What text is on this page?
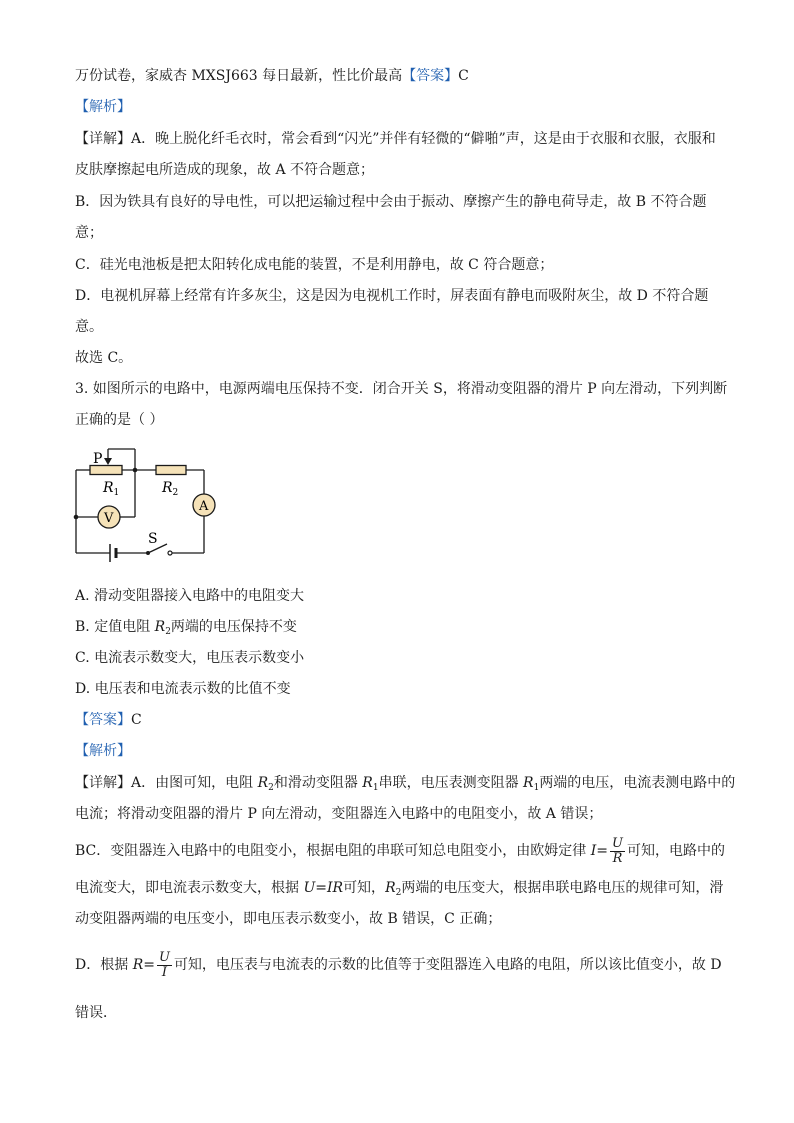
万份试卷，家威杏 MXSJ663 每日最新，性比价最高【答案】C
【解析】
【详解】A．晚上脱化纤毛衣时，常会看到“闪光”并伴有轻微的“僻啪”声，这是由于衣服和衣服，衣服和
皮肤摩擦起电所造成的现象，故 A 不符合题意；
B．因为铁具有良好的导电性，可以把运输过程中会由于振动、摩擦产生的静电荷导走，故 B 不符合题
意；
C．硅光电池板是把太阳转化成电能的装置，不是利用静电，故 C 符合题意；
D．电视机屏幕上经常有许多灰尘，这是因为电视机工作时，屏表面有静电而吸附灰尘，故 D 不符合题
意。
故选 C。
3. 如图所示的电路中，电源两端电压保持不变．闭合开关 S，将滑动变阻器的滑片 P 向左滑动，下列判断
正确的是（ ）
P
$R_1$	$R_2$
V
A
S
A. 滑动变阻器接入电路中的电阻变大
B. 定值电阻 $R_2$两端的电压保持不变
C. 电流表示数变大，电压表示数变小
D. 电压表和电流表示数的比值不变
【答案】C
【解析】
【详解】A．由图可知，电阻 $R_2$和滑动变阻器 $R_1$串联，电压表测变阻器 $R_1$两端的电压，电流表测电路中的
电流；将滑动变阻器的滑片 P 向左滑动，变阻器连入电路中的电阻变小，故 A 错误；
BC．变阻器连入电路中的电阻变小，根据电阻的串联可知总电阻变小，由欧姆定律 $I= \frac{U}{R}$ 可知，电路中的
电流变大，即电流表示数变大，根据 U=IR可知，$R_2$两端的电压变大，根据串联电路电压的规律可知，滑
动变阻器两端的电压变小，即电压表示数变小，故 B 错误，C 正确；
D．根据 $R= \frac{U}{I}$ 可知，电压表与电流表的示数的比值等于变阻器连入电路的电阻，所以该比值变小，故 D
错误．
